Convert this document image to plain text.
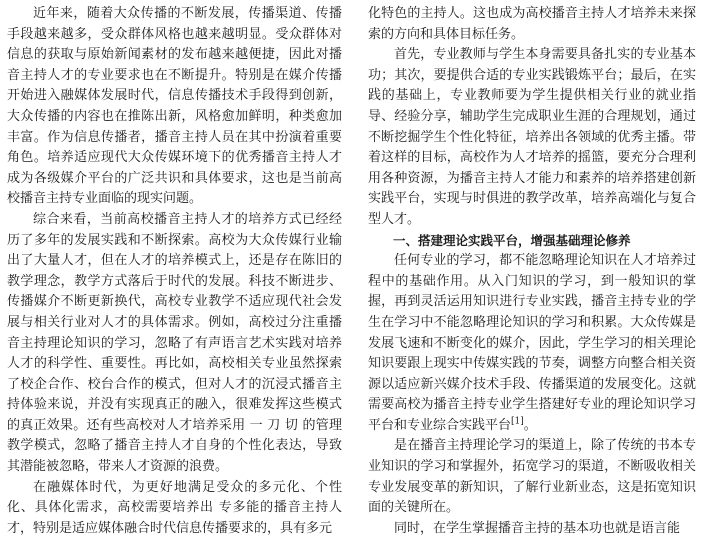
近年来，随着大众传播的不断发展，传播渠道、传播手段越来越多，受众群体风格也越来越明显。受众群体对信息的获取与原始新闻素材的发布越来越便捷，因此对播音主持人才的专业要求也在不断提升。特别是在媒介传播开始进入融媒体发展时代，信息传播技术手段得到创新，大众传播的内容也在推陈出新，风格愈加鲜明，种类愈加丰富。作为信息传播者，播音主持人员在其中扮演着重要角色。培养适应现代大众传媒环境下的优秀播音主持人才成为各级媒介平台的广泛共识和具体要求，这也是当前高校播音主持专业面临的现实问题。

综合来看，当前高校播音主持人才的培养方式已经经历了多年的发展实践和不断探索。高校为大众传媒行业输出了大量人才，但在人才的培养模式上，还是存在陈旧的教学理念，教学方式落后于时代的发展。科技不断进步、传播媒介不断更新换代，高校专业教学不适应现代社会发展与相关行业对人才的具体需求。例如，高校过分注重播音主持理论知识的学习，忽略了有声语言艺术实践对培养人才的科学性、重要性。再比如，高校相关专业虽然探索了校企合作、校台合作的模式，但对人才的沉浸式播音主持体验来说，并没有实现真正的融入，很难发挥这些模式的真正效果。还有些高校对人才培养采用 一 刀 切 的管理教学模式，忽略了播音主持人才自身的个性化表达，导致其潜能被忽略，带来人才资源的浪费。

在融媒体时代，为更好地满足受众的多元化、个性化、具体化需求，高校需要培养出 专多能的播音主持人才，特别是适应媒体融合时代信息传播要求的，具有多元

化特色的主持人。这也成为高校播音主持人才培养未来探索的方向和具体目标任务。

首先，专业教师与学生本身需要具备扎实的专业基本功；其次，要提供合适的专业实践锻炼平台；最后，在实践的基础上，专业教师要为学生提供相关行业的就业指导、经验分享，辅助学生完成职业生涯的合理规划，通过不断挖掘学生个性化特征，培养出各领域的优秀主播。带着这样的目标，高校作为人才培养的摇篮，要充分合理利用各种资源，为播音主持人才能力和素养的培养搭建创新实践平台，实现与时俱进的教学改革，培养高端化与复合型人才。

一、搭建理论实践平台，增强基础理论修养

任何专业的学习，都不能忽略理论知识在人才培养过程中的基础作用。从入门知识的学习，到一般知识的掌握，再到灵活运用知识进行专业实践，播音主持专业的学生在学习中不能忽略理论知识的学习和积累。大众传媒是发展飞速和不断变化的媒介，因此，学生学习的相关理论知识要跟上现实中传媒实践的节奏，调整方向整合相关资源以适应新兴媒介技术手段、传播渠道的发展变化。这就需要高校为播音主持专业学生搭建好专业的理论知识学习平台和专业综合实践平台[1]。

是在播音主持理论学习的渠道上，除了传统的书本专业知识的学习和掌握外，拓宽学习的渠道，不断吸收相关专业发展变革的新知识，了解行业新业态，这是拓宽知识面的关键所在。

同时，在学生掌握播音主持的基本功也就是语言能
